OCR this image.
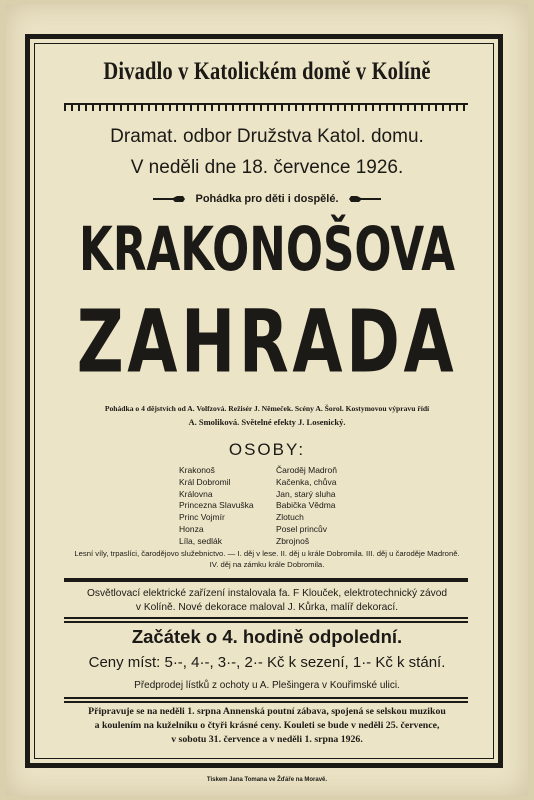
Divadlo v Katolickém domě v Kolíně
Dramat. odbor Družstva Katol. domu.
V neděli dne 18. července 1926.
Pohádka pro děti i dospělé.
KRAKONOŠOVA
ZAHRADA
Pohádka o 4 dějstvích od A. Volfzová. Režisér J. Němeček. Scény A. Šorol. Kostymovou výpravu řídí
A. Smoliková. Světelné efekty J. Losenický.
OSOBY:
Krakonoš
Král Dobromil
Královna
Princezna Slavuška
Princ Vojmír
Honza
Líla, sedlák
Čaroděj Madroň
Kačenka, chůva
Jan, starý sluha
Babička Vědma
Zlotuch
Posel princův
Zbrojnoš
Lesní víly, trpaslíci, čarodějovo služebnictvo. — I. děj v lese. II. děj u krále Dobromila. III. děj u čaroděje Madroně.
IV. děj na zámku krále Dobromila.
Osvětlovací elektrické zařízení instalovala fa. F Klouček, elektrotechnický závod
v Kolíně. Nové dekorace maloval J. Kůrka, malíř dekorací.
Začátek o 4. hodině odpolední.
Ceny míst: 5·-, 4·-, 3·-, 2·- Kč k sezení, 1·- Kč k stání.
Předprodej lístků z ochoty u A. Plešingera v Kouřimské ulici.
Připravuje se na neděli 1. srpna Annenská poutní zábava, spojená se selskou muzikou
a koulením na kuželníku o čtyři krásné ceny. Kouleti se bude v neděli 25. července,
v sobotu 31. července a v neděli 1. srpna 1926.
Tiskem Jana Tomana ve Žďáře na Moravě.
